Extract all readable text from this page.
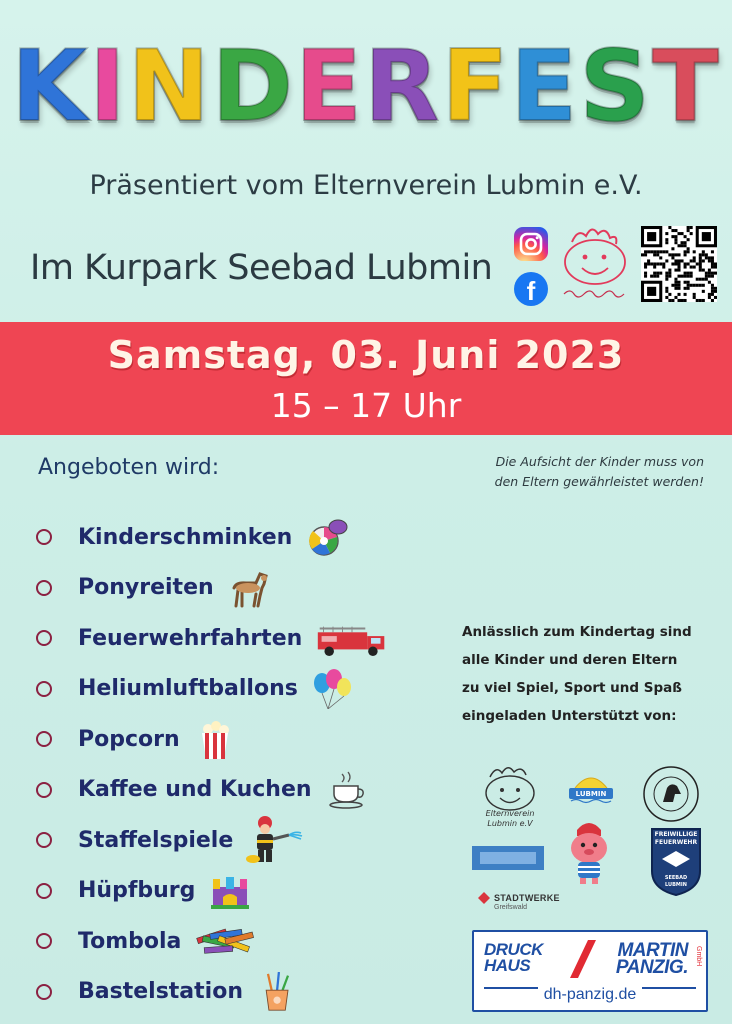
KINDERFEST
Präsentiert vom Elternverein Lubmin e.V.
Im Kurpark Seebad Lubmin
f
Samstag, 03. Juni 2023
15 – 17 Uhr
Angeboten wird:	Die Aufsicht der Kinder muss von
den Eltern gewährleistet werden!
Kinderschminken
Ponyreiten
Feuerwehrfahrten
Heliumluftballons
Popcorn
Kaffee und Kuchen
Staffelspiele
Hüpfburg
Tombola
Bastelstation
Anlässlich zum Kindertag sind
alle Kinder und deren Eltern
zu viel Spiel, Sport und Spaß
eingeladen Unterstützt von:
Elternverein Lubmin e.V
LUBMIN
FREIWILLIGE
FEUERWEHR
SEEBAD LUBMIN
STADTWERKE
Greifswald
DRUCK
HAUS
MARTIN
PANZIG.
GmbH
dh-panzig.de
